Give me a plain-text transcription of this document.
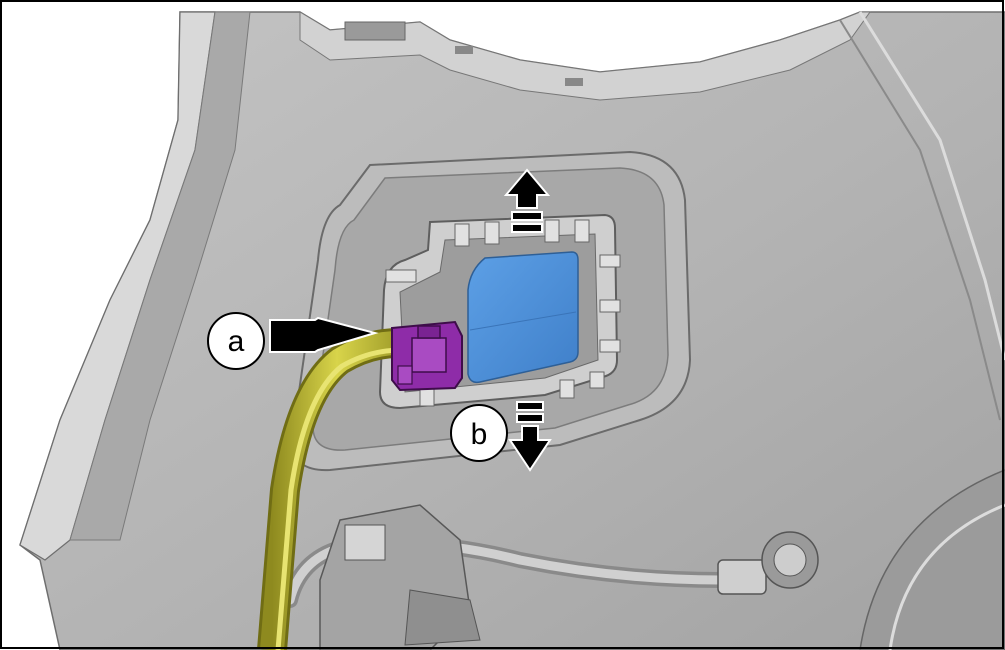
a
b
